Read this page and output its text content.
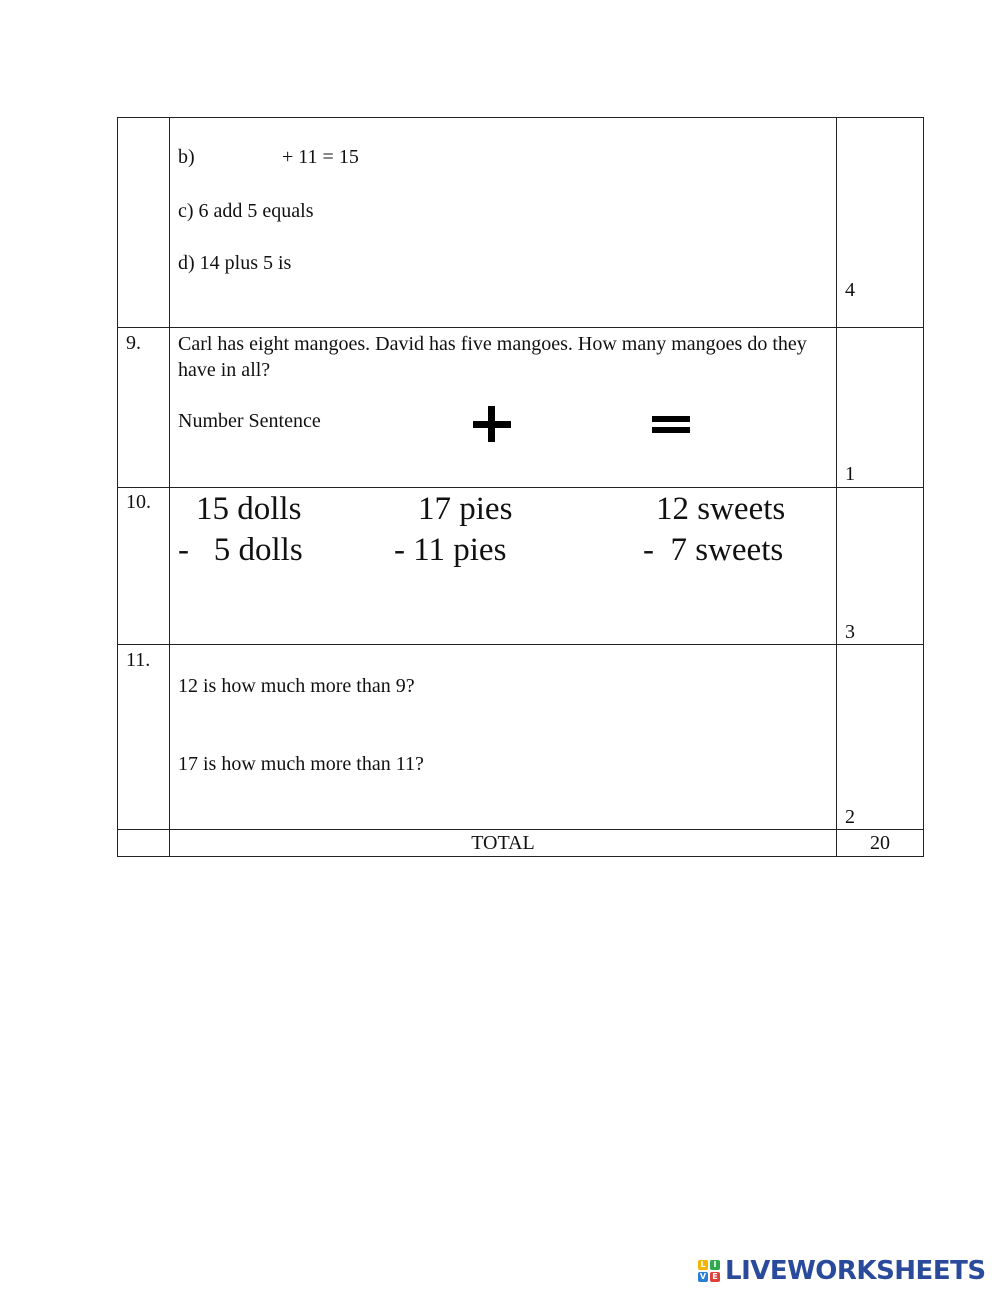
b)	+ 11 = 15
c) 6 add 5 equals
d) 14 plus 5 is
4
9. Carl has eight mangoes. David has five mangoes. How many mangoes do they have in all?
Number Sentence
1
10. 15 dolls
-   5 dolls
17 pies
- 11 pies
12 sweets
-  7 sweets
3
11.
12 is how much more than 9?
17 is how much more than 11?
2
TOTAL	20
L I
V E LIVEWORKSHEETS
